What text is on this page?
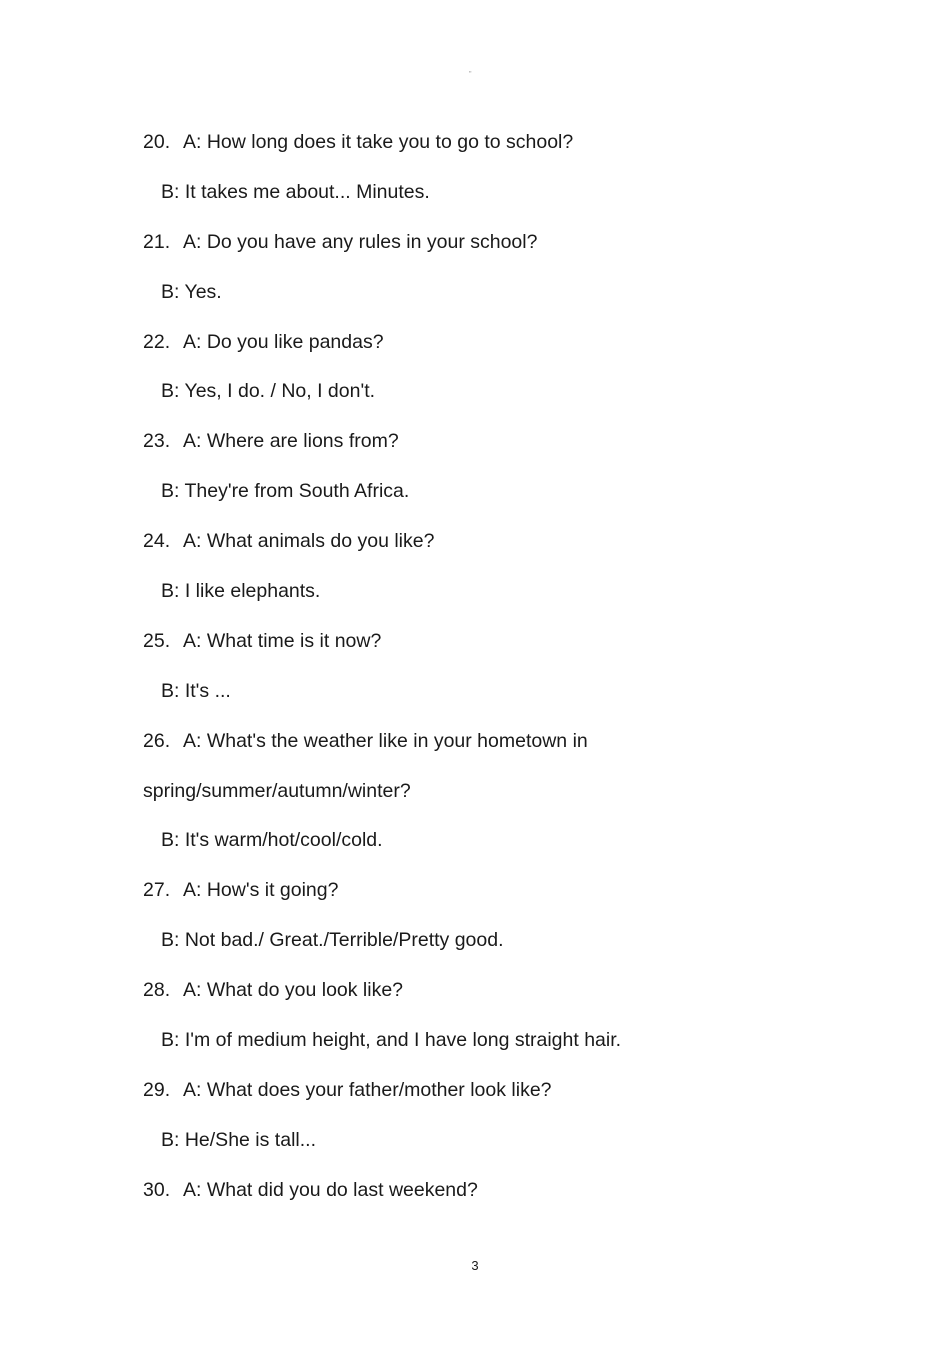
"
20. A: How long does it take you to go to school?
B: It takes me about... Minutes.
21. A: Do you have any rules in your school?
B: Yes.
22. A: Do you like pandas?
B: Yes, I do. / No, I don't.
23. A: Where are lions from?
B: They're from South Africa.
24. A: What animals do you like?
B: I like elephants.
25. A: What time is it now?
B: It's ...
26. A: What's the weather like in your hometown in
spring/summer/autumn/winter?
B: It's warm/hot/cool/cold.
27. A: How's it going?
B: Not bad./ Great./Terrible/Pretty good.
28. A: What do you look like?
B: I'm of medium height, and I have long straight hair.
29. A: What does your father/mother look like?
B: He/She is tall...
30. A: What did you do last weekend?
3
